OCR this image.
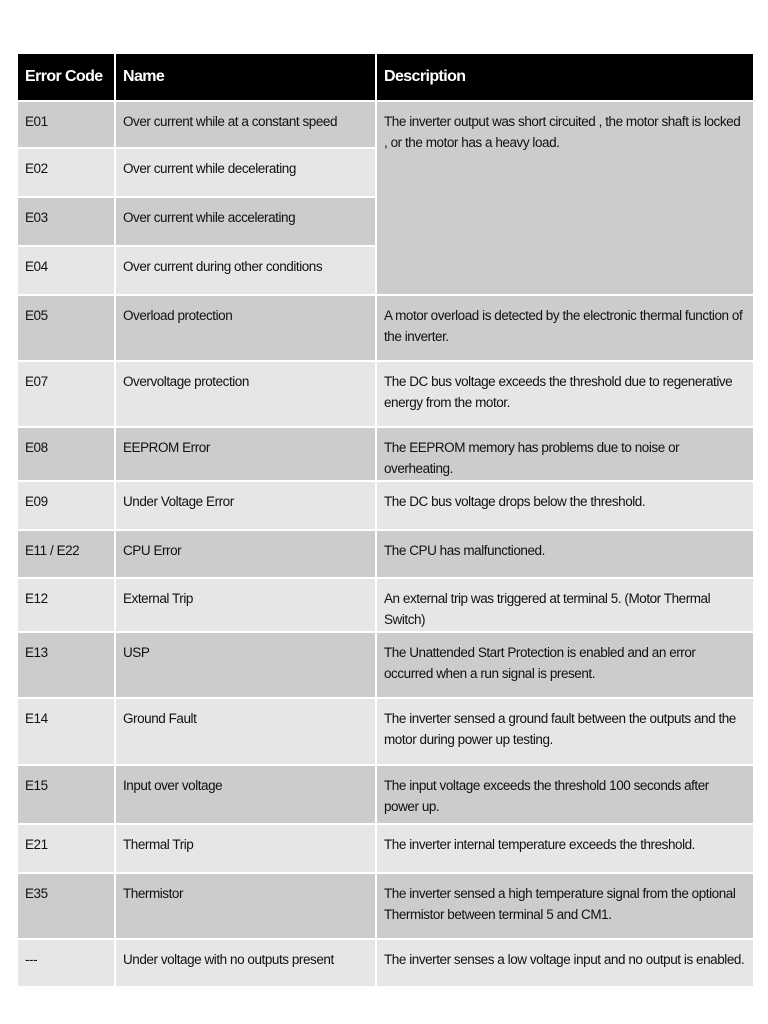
Error Code	Name	Description
E01	Over current while at a constant speed	The inverter output was short circuited , the motor shaft is locked , or the motor has a heavy load.
E02	Over current while decelerating	
E03	Over current while accelerating	
E04	Over current during other conditions	
E05	Overload protection	A motor overload is detected by the electronic thermal function of the inverter.
E07	Overvoltage protection	The DC bus voltage exceeds the threshold due to regenerative energy from the motor.
E08	EEPROM Error	The EEPROM memory has problems due to noise or overheating.
E09	Under Voltage Error	The DC bus voltage drops below the threshold.
E11 / E22	CPU Error	The CPU has malfunctioned.
E12	External Trip	An external trip was triggered at terminal 5. (Motor Thermal Switch)
E13	USP	The Unattended Start Protection is enabled and an error occurred when a run signal is present.
E14	Ground Fault	The inverter sensed a ground fault between the outputs and the motor during power up testing.
E15	Input over voltage	The input voltage exceeds the threshold 100 seconds after power up.
E21	Thermal Trip	The inverter internal temperature exceeds the threshold.
E35	Thermistor	The inverter sensed a high temperature signal from the optional Thermistor between terminal 5 and CM1.
---	Under voltage with no outputs present	The inverter senses a low voltage input and no output is enabled.
